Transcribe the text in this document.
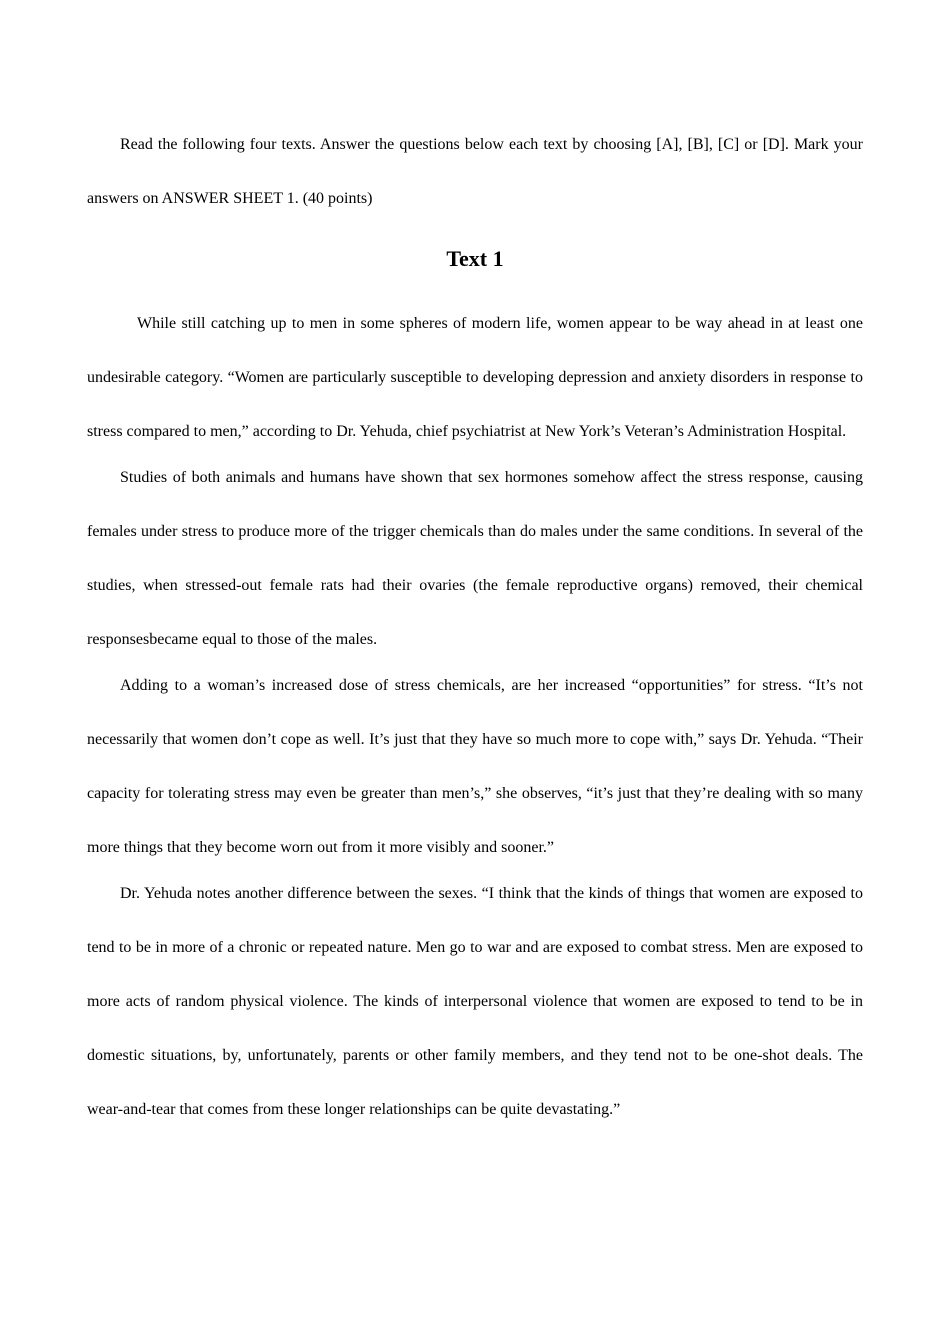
Read the following four texts. Answer the questions below each text by choosing [A], [B], [C] or [D]. Mark your answers on ANSWER SHEET 1. (40 points)

Text 1

While still catching up to men in some spheres of modern life, women appear to be way ahead in at least one undesirable category. “Women are particularly susceptible to developing depression and anxiety disorders in response to stress compared to men,” according to Dr. Yehuda, chief psychiatrist at New York’s Veteran’s Administration Hospital.

Studies of both animals and humans have shown that sex hormones somehow affect the stress response, causing females under stress to produce more of the trigger chemicals than do males under the same conditions. In several of the studies, when stressed-out female rats had their ovaries (the female reproductive organs) removed, their chemical responsesbecame equal to those of the males.

Adding to a woman’s increased dose of stress chemicals, are her increased “opportunities” for stress. “It’s not necessarily that women don’t cope as well. It’s just that they have so much more to cope with,” says Dr. Yehuda. “Their capacity for tolerating stress may even be greater than men’s,” she observes, “it’s just that they’re dealing with so many more things that they become worn out from it more visibly and sooner.”

Dr. Yehuda notes another difference between the sexes. “I think that the kinds of things that women are exposed to tend to be in more of a chronic or repeated nature. Men go to war and are exposed to combat stress. Men are exposed to more acts of random physical violence. The kinds of interpersonal violence that women are exposed to tend to be in domestic situations, by, unfortunately, parents or other family members, and they tend not to be one-shot deals. The wear-and-tear that comes from these longer relationships can be quite devastating.”
